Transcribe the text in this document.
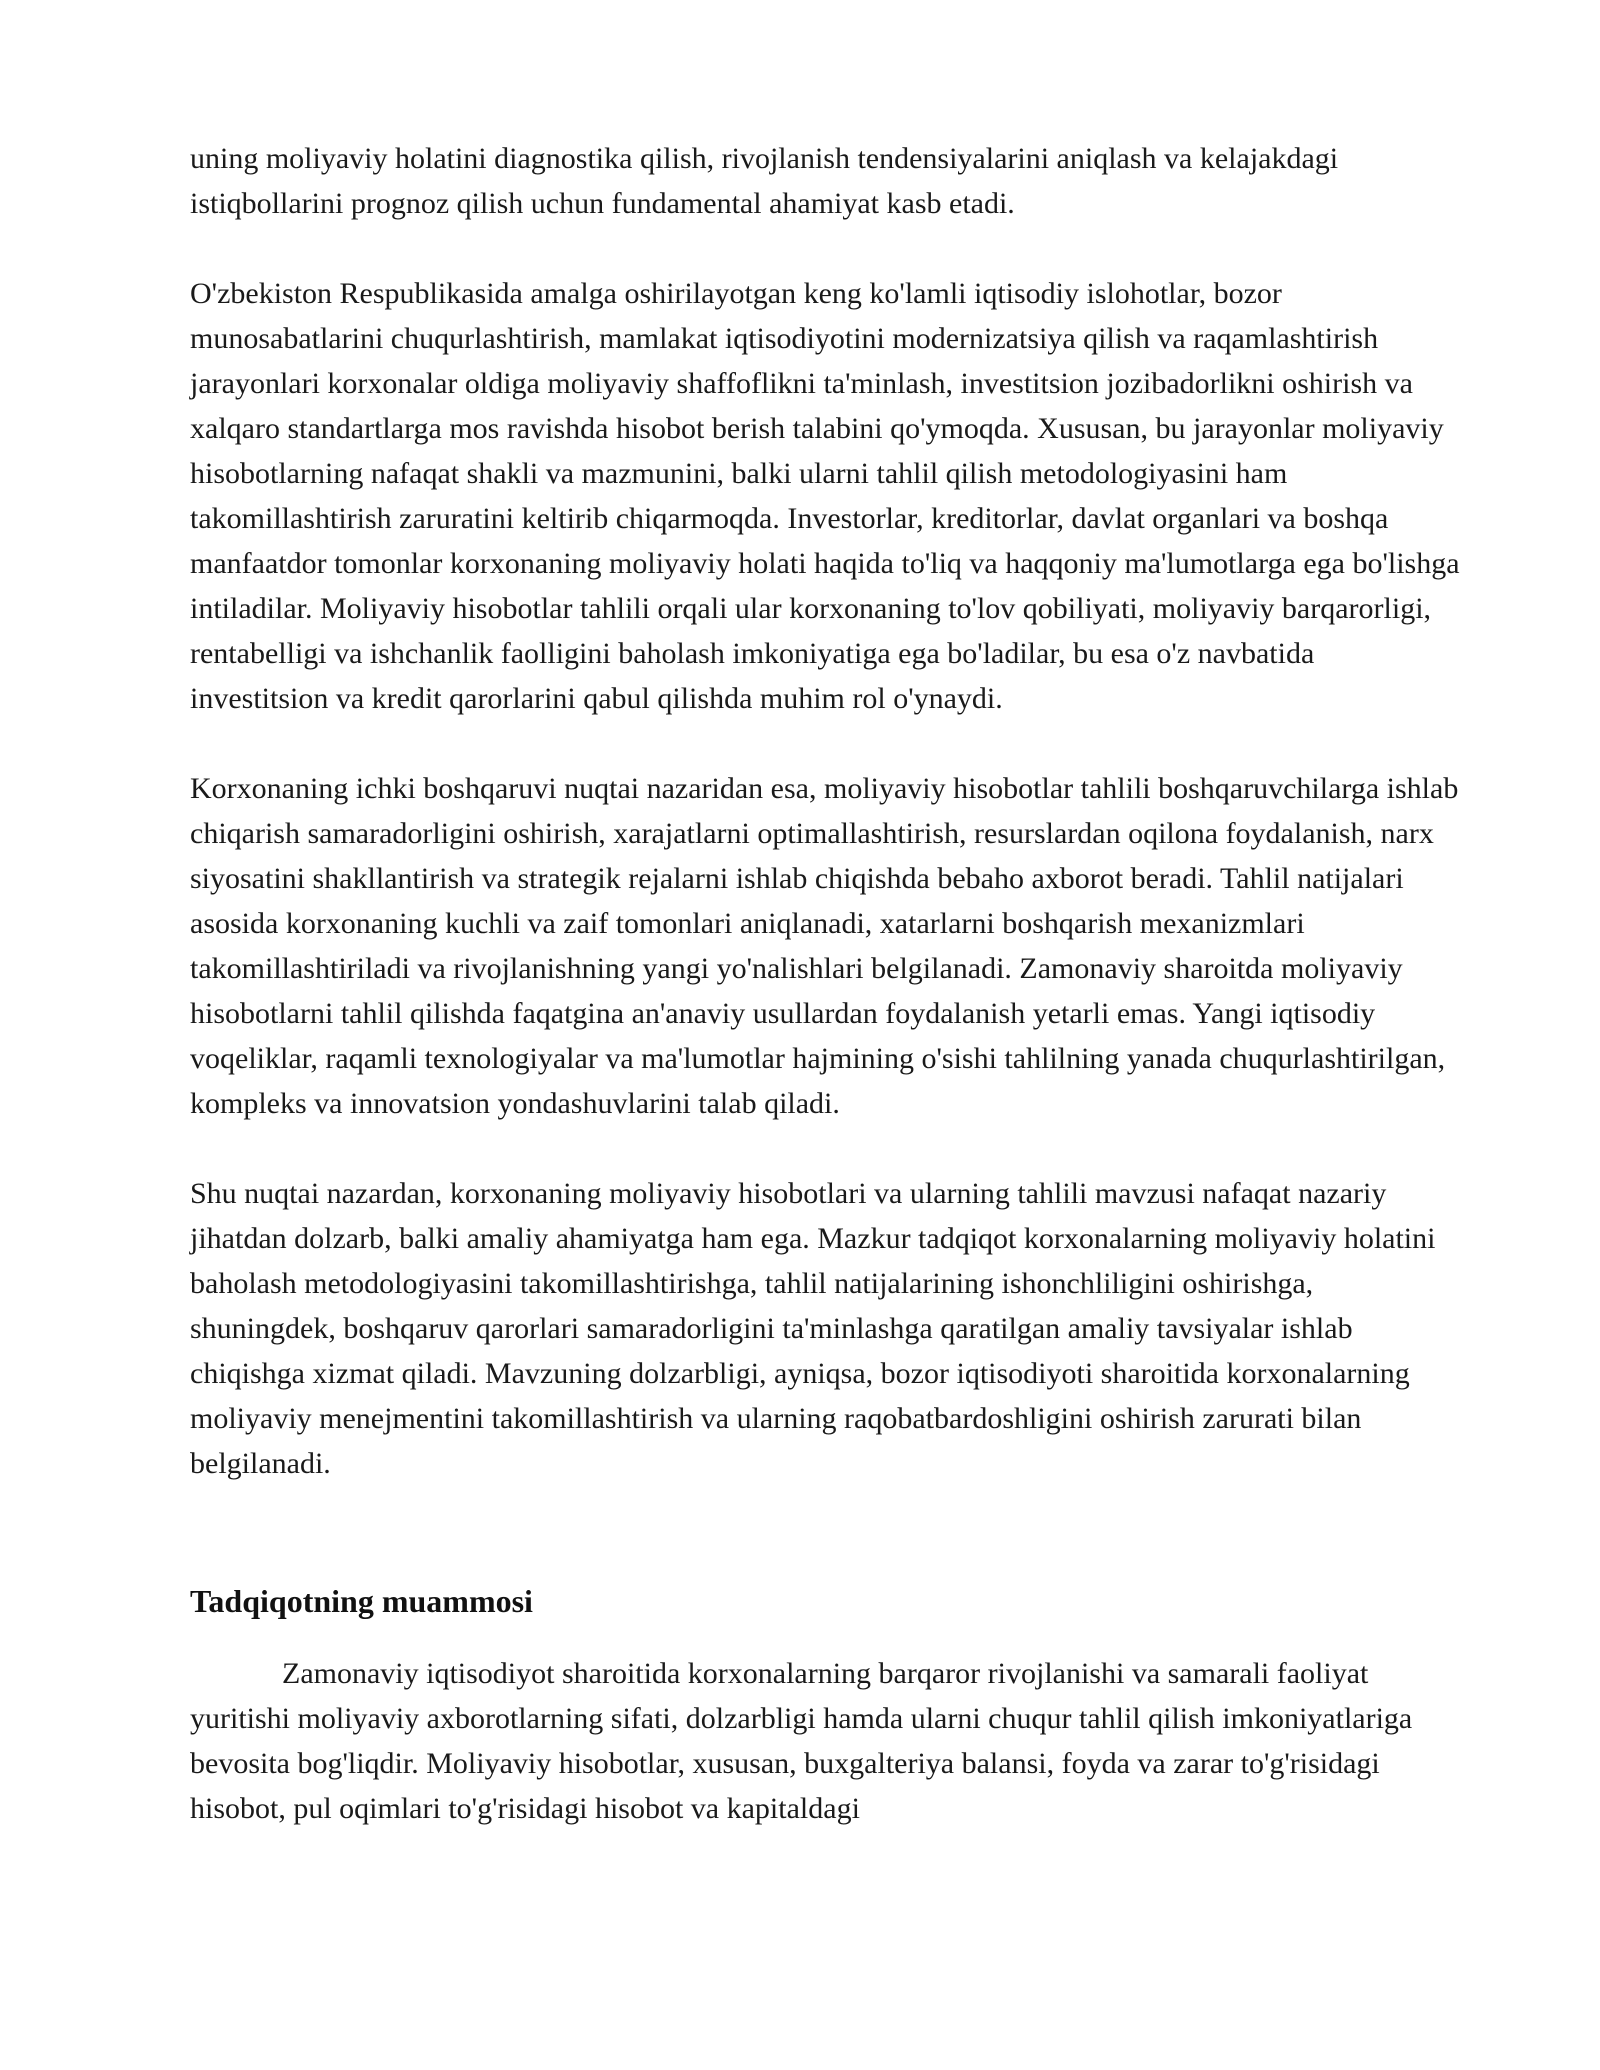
uning moliyaviy holatini diagnostika qilish, rivojlanish tendensiyalarini aniqlash va kelajakdagi istiqbollarini prognoz qilish uchun fundamental ahamiyat kasb etadi.

O'zbekiston Respublikasida amalga oshirilayotgan keng ko'lamli iqtisodiy islohotlar, bozor munosabatlarini chuqurlashtirish, mamlakat iqtisodiyotini modernizatsiya qilish va raqamlashtirish jarayonlari korxonalar oldiga moliyaviy shaffoflikni ta'minlash, investitsion jozibadorlikni oshirish va xalqaro standartlarga mos ravishda hisobot berish talabini qo'ymoqda. Xususan, bu jarayonlar moliyaviy hisobotlarning nafaqat shakli va mazmunini, balki ularni tahlil qilish metodologiyasini ham takomillashtirish zaruratini keltirib chiqarmoqda. Investorlar, kreditorlar, davlat organlari va boshqa manfaatdor tomonlar korxonaning moliyaviy holati haqida to'liq va haqqoniy ma'lumotlarga ega bo'lishga intiladilar. Moliyaviy hisobotlar tahlili orqali ular korxonaning to'lov qobiliyati, moliyaviy barqarorligi, rentabelligi va ishchanlik faolligini baholash imkoniyatiga ega bo'ladilar, bu esa o'z navbatida investitsion va kredit qarorlarini qabul qilishda muhim rol o'ynaydi.

Korxonaning ichki boshqaruvi nuqtai nazaridan esa, moliyaviy hisobotlar tahlili boshqaruvchilarga ishlab chiqarish samaradorligini oshirish, xarajatlarni optimallashtirish, resurslardan oqilona foydalanish, narx siyosatini shakllantirish va strategik rejalarni ishlab chiqishda bebaho axborot beradi. Tahlil natijalari asosida korxonaning kuchli va zaif tomonlari aniqlanadi, xatarlarni boshqarish mexanizmlari takomillashtiriladi va rivojlanishning yangi yo'nalishlari belgilanadi. Zamonaviy sharoitda moliyaviy hisobotlarni tahlil qilishda faqatgina an'anaviy usullardan foydalanish yetarli emas. Yangi iqtisodiy voqeliklar, raqamli texnologiyalar va ma'lumotlar hajmining o'sishi tahlilning yanada chuqurlashtirilgan, kompleks va innovatsion yondashuvlarini talab qiladi.

Shu nuqtai nazardan, korxonaning moliyaviy hisobotlari va ularning tahlili mavzusi nafaqat nazariy jihatdan dolzarb, balki amaliy ahamiyatga ham ega. Mazkur tadqiqot korxonalarning moliyaviy holatini baholash metodologiyasini takomillashtirishga, tahlil natijalarining ishonchliligini oshirishga, shuningdek, boshqaruv qarorlari samaradorligini ta'minlashga qaratilgan amaliy tavsiyalar ishlab chiqishga xizmat qiladi. Mavzuning dolzarbligi, ayniqsa, bozor iqtisodiyoti sharoitida korxonalarning moliyaviy menejmentini takomillashtirish va ularning raqobatbardoshligini oshirish zarurati bilan belgilanadi.

Tadqiqotning muammosi

Zamonaviy iqtisodiyot sharoitida korxonalarning barqaror rivojlanishi va samarali faoliyat yuritishi moliyaviy axborotlarning sifati, dolzarbligi hamda ularni chuqur tahlil qilish imkoniyatlariga bevosita bog'liqdir. Moliyaviy hisobotlar, xususan, buxgalteriya balansi, foyda va zarar to'g'risidagi hisobot, pul oqimlari to'g'risidagi hisobot va kapitaldagi
